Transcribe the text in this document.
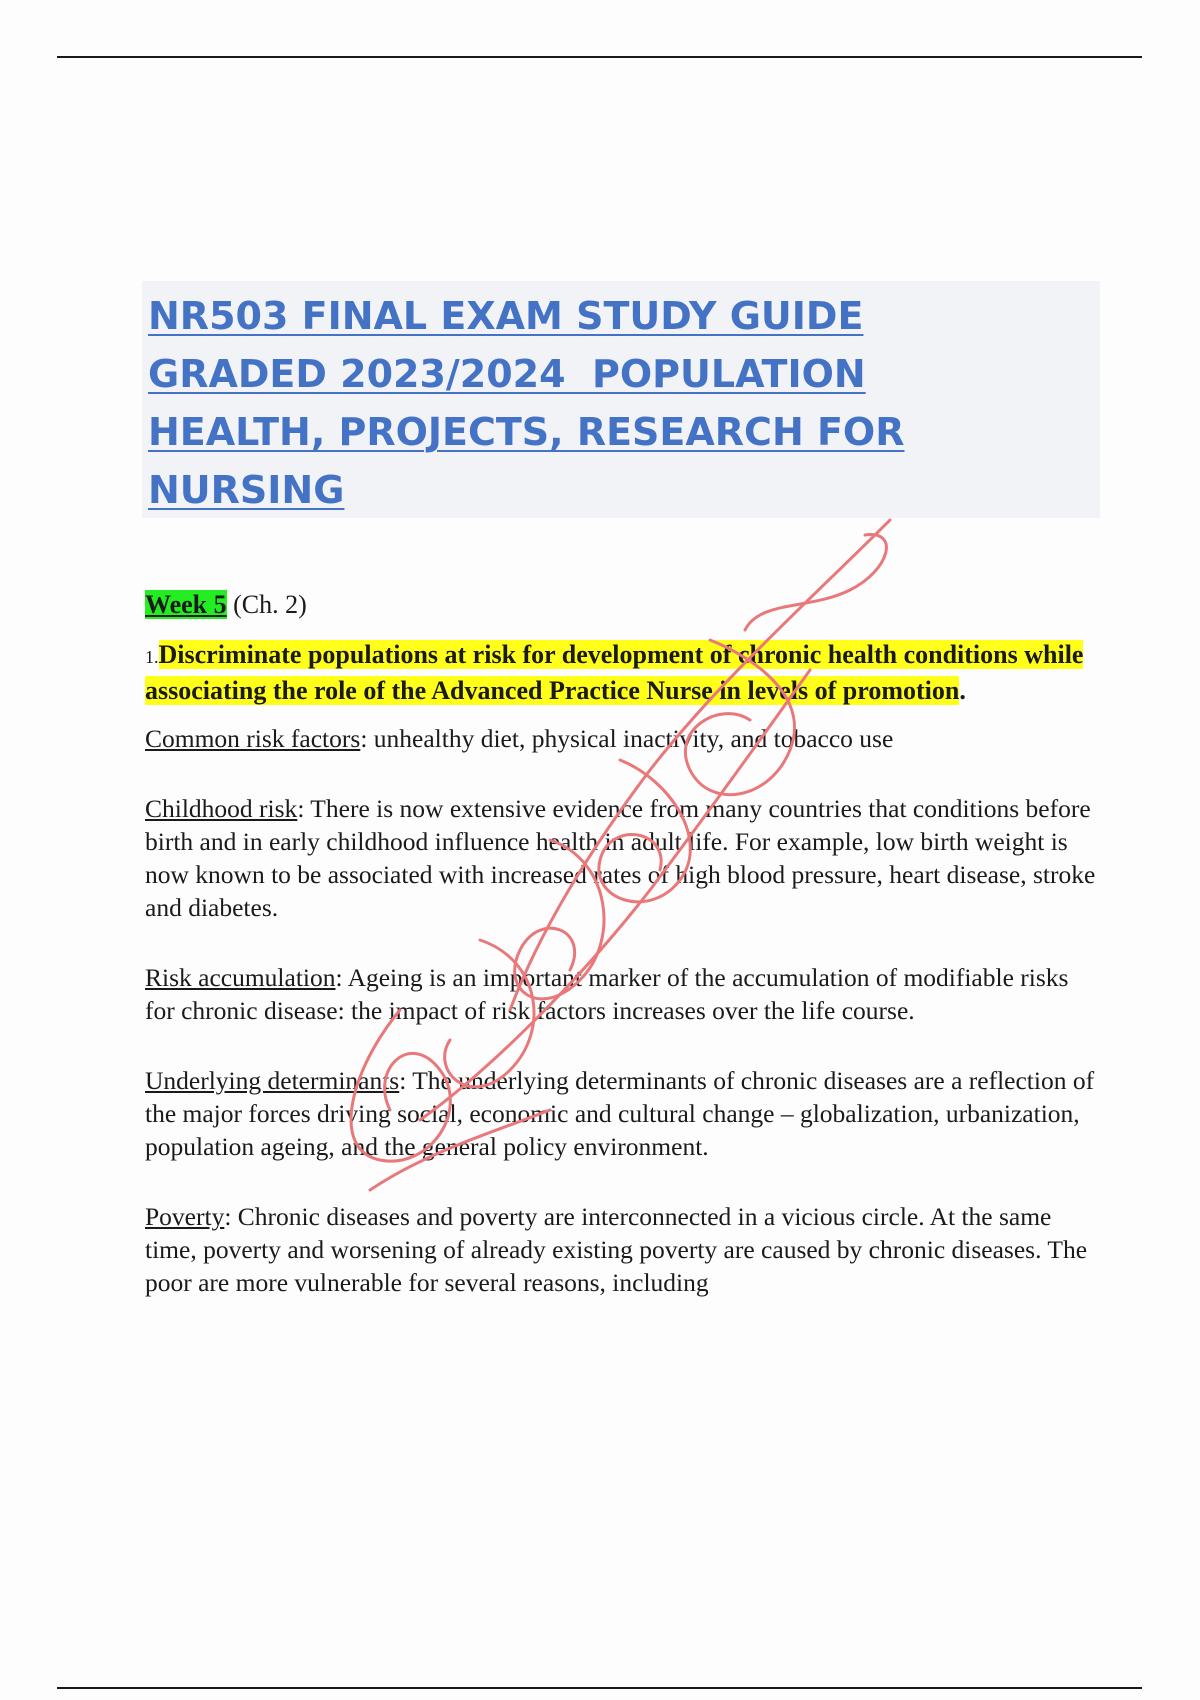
NR503 FINAL EXAM STUDY GUIDE
GRADED 2023/2024  POPULATION
HEALTH, PROJECTS, RESEARCH FOR
NURSING

Week 5 (Ch. 2)

1.Discriminate populations at risk for development of chronic health conditions while associating the role of the Advanced Practice Nurse in levels of promotion.

Common risk factors: unhealthy diet, physical inactivity, and tobacco use

Childhood risk: There is now extensive evidence from many countries that conditions before birth and in early childhood influence health in adult life. For example, low birth weight is now known to be associated with increased rates of high blood pressure, heart disease, stroke and diabetes.

Risk accumulation: Ageing is an important marker of the accumulation of modifiable risks for chronic disease: the impact of risk factors increases over the life course.

Underlying determinants: The underlying determinants of chronic diseases are a reflection of the major forces driving social, economic and cultural change – globalization, urbanization, population ageing, and the general policy environment.

Poverty: Chronic diseases and poverty are interconnected in a vicious circle. At the same time, poverty and worsening of already existing poverty are caused by chronic diseases. The poor are more vulnerable for several reasons, including
